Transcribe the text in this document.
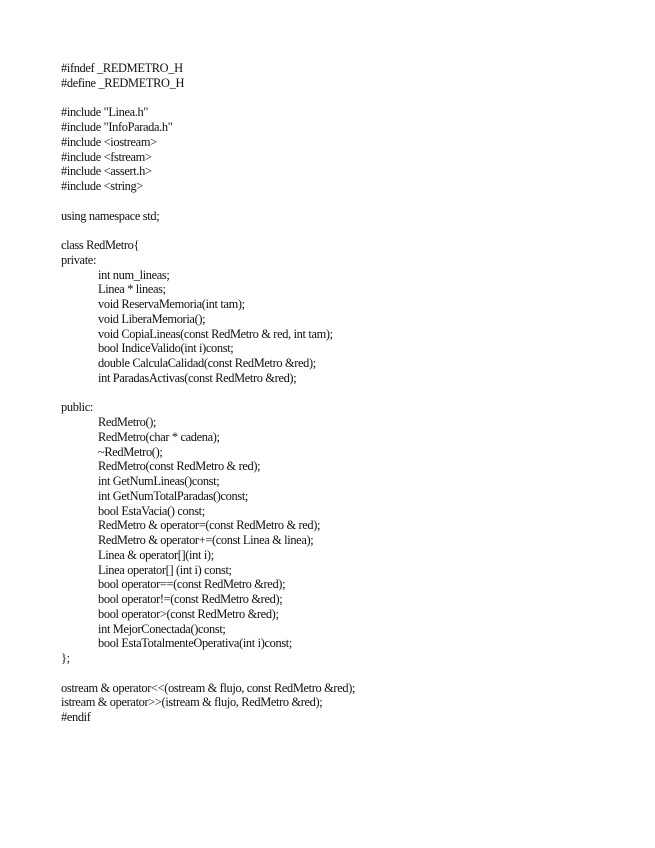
#ifndef _REDMETRO_H
#define _REDMETRO_H
#include "Linea.h"
#include "InfoParada.h"
#include <iostream>
#include <fstream>
#include <assert.h>
#include <string>
using namespace std;
class RedMetro{
private:
int num_lineas;
Linea * lineas;
void ReservaMemoria(int tam);
void LiberaMemoria();
void CopiaLineas(const RedMetro & red, int tam);
bool IndiceValido(int i)const;
double CalculaCalidad(const RedMetro &red);
int ParadasActivas(const RedMetro &red);
public:
RedMetro();
RedMetro(char * cadena);
~RedMetro();
RedMetro(const RedMetro & red);
int GetNumLineas()const;
int GetNumTotalParadas()const;
bool EstaVacia() const;
RedMetro & operator=(const RedMetro & red);
RedMetro & operator+=(const Linea & linea);
Linea & operator[](int i);
Linea operator[] (int i) const;
bool operator==(const RedMetro &red);
bool operator!=(const RedMetro &red);
bool operator>(const RedMetro &red);
int MejorConectada()const;
bool EstaTotalmenteOperativa(int i)const;
};
ostream & operator<<(ostream & flujo, const RedMetro &red);
istream & operator>>(istream & flujo, RedMetro &red);
#endif
